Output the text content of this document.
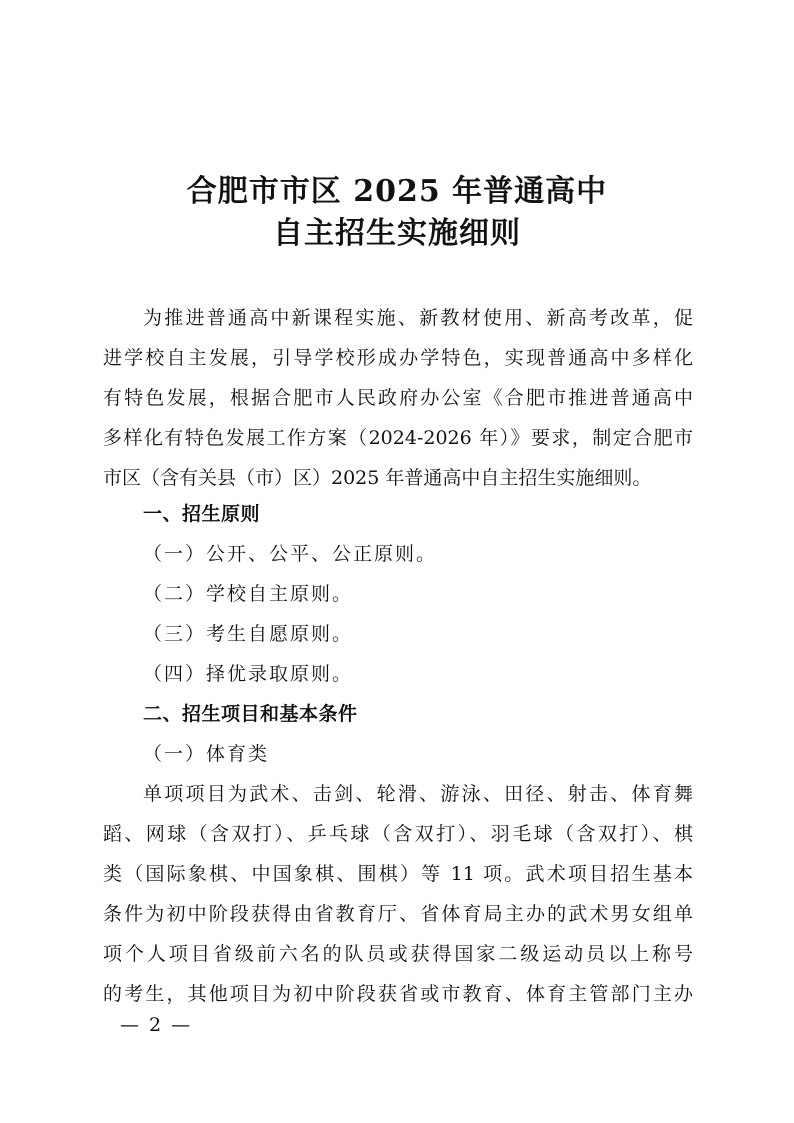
合肥市市区 2025 年普通高中
自主招生实施细则
为推进普通高中新课程实施、新教材使用、新高考改革，促
进学校自主发展，引导学校形成办学特色，实现普通高中多样化
有特色发展，根据合肥市人民政府办公室《合肥市推进普通高中
多样化有特色发展工作方案（2024-2026 年）》要求，制定合肥市
市区（含有关县（市）区）2025 年普通高中自主招生实施细则。
一、招生原则
（一）公开、公平、公正原则。
（二）学校自主原则。
（三）考生自愿原则。
（四）择优录取原则。
二、招生项目和基本条件
（一）体育类
单项项目为武术、击剑、轮滑、游泳、田径、射击、体育舞
蹈、网球（含双打）、乒乓球（含双打）、羽毛球（含双打）、棋
类（国际象棋、中国象棋、围棋）等 11 项。武术项目招生基本
条件为初中阶段获得由省教育厅、省体育局主办的武术男女组单
项个人项目省级前六名的队员或获得国家二级运动员以上称号
的考生，其他项目为初中阶段获省或市教育、体育主管部门主办
— 2 —
